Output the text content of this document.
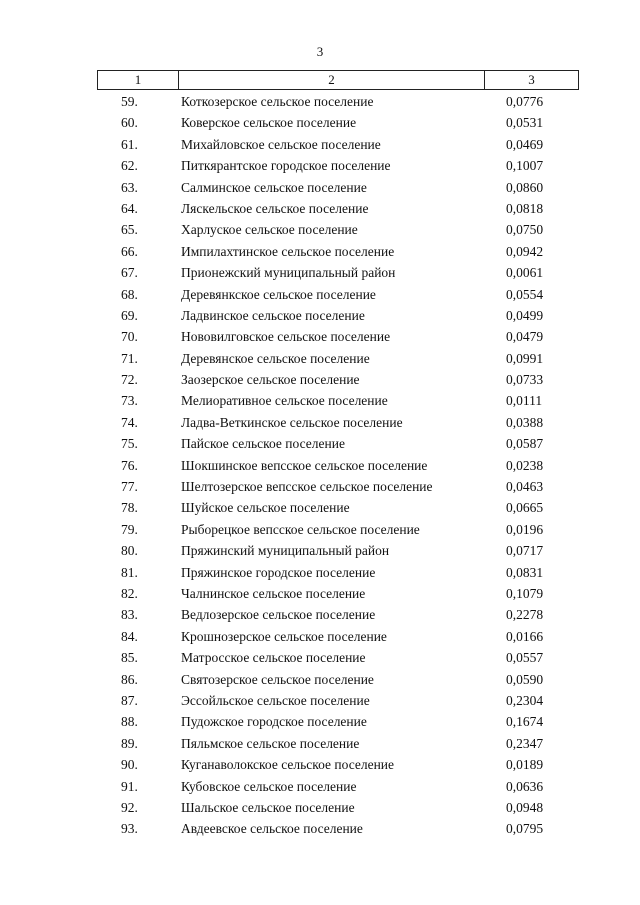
3
1	2	3
59.	Коткозерское сельское поселение	0,0776
60.	Коверское сельское поселение	0,0531
61.	Михайловское сельское поселение	0,0469
62.	Питкярантское городское поселение	0,1007
63.	Салминское сельское поселение	0,0860
64.	Ляскельское сельское поселение	0,0818
65.	Харлуское сельское поселение	0,0750
66.	Импилахтинское сельское поселение	0,0942
67.	Прионежский муниципальный район	0,0061
68.	Деревянкское сельское поселение	0,0554
69.	Ладвинское сельское поселение	0,0499
70.	Нововилговское сельское поселение	0,0479
71.	Деревянское сельское поселение	0,0991
72.	Заозерское сельское поселение	0,0733
73.	Мелиоративное сельское поселение	0,0111
74.	Ладва-Веткинское сельское поселение	0,0388
75.	Пайское сельское поселение	0,0587
76.	Шокшинское вепсское сельское поселение	0,0238
77.	Шелтозерское вепсское сельское поселение	0,0463
78.	Шуйское сельское поселение	0,0665
79.	Рыборецкое вепсское сельское поселение	0,0196
80.	Пряжинский муниципальный район	0,0717
81.	Пряжинское городское поселение	0,0831
82.	Чалнинское сельское поселение	0,1079
83.	Ведлозерское сельское поселение	0,2278
84.	Крошнозерское сельское поселение	0,0166
85.	Матросское сельское поселение	0,0557
86.	Святозерское сельское поселение	0,0590
87.	Эссойльское сельское поселение	0,2304
88.	Пудожское городское поселение	0,1674
89.	Пяльмское сельское поселение	0,2347
90.	Куганаволокское сельское поселение	0,0189
91.	Кубовское сельское поселение	0,0636
92.	Шальское сельское поселение	0,0948
93.	Авдеевское сельское поселение	0,0795
